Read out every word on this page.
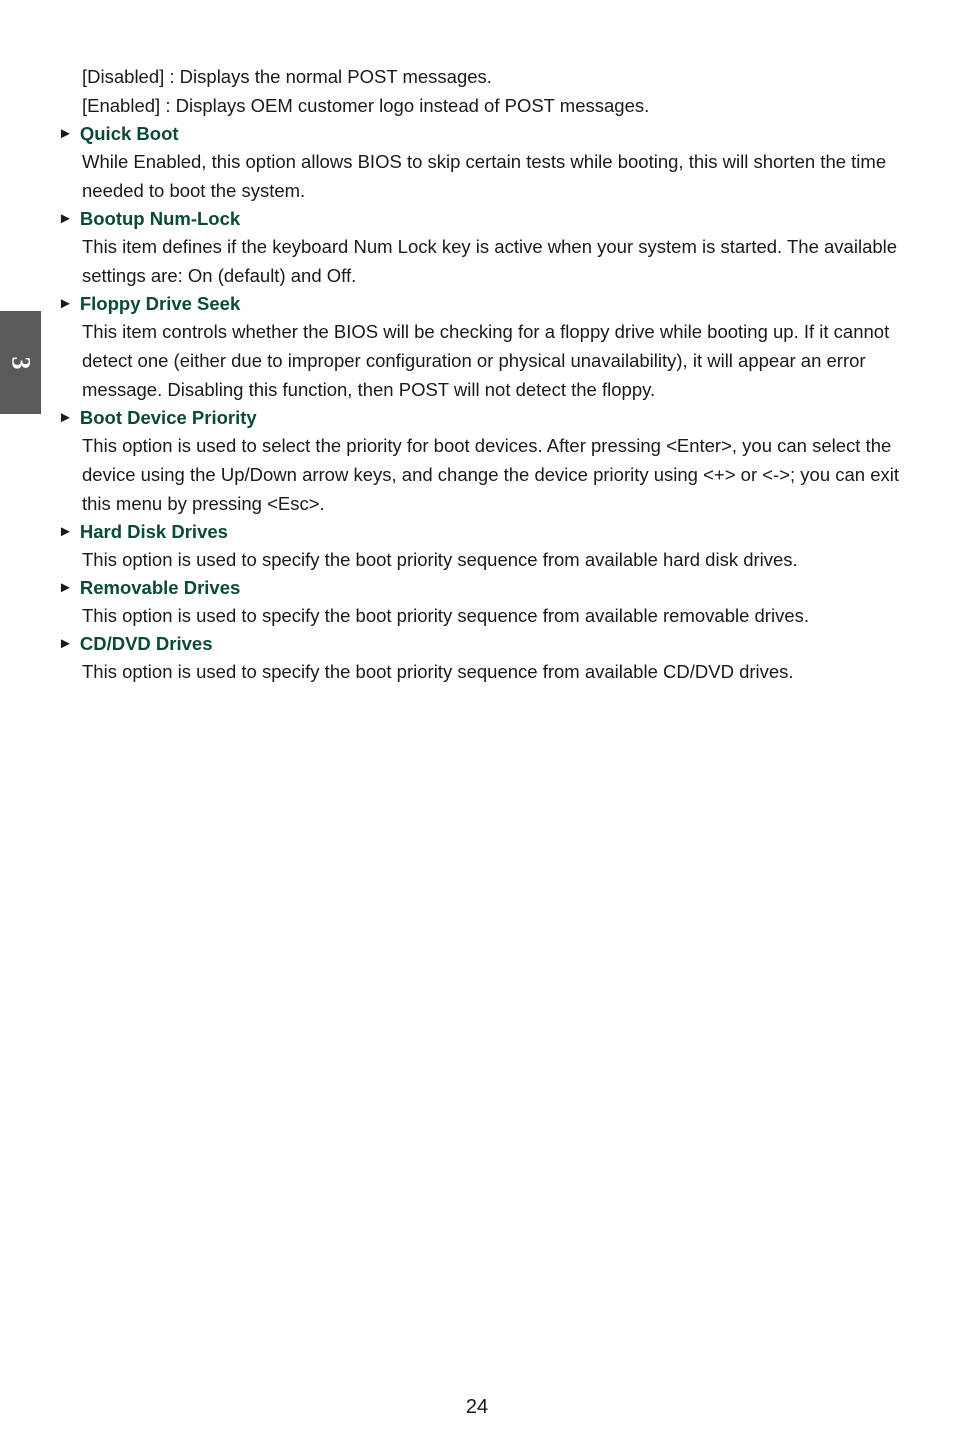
3

[Disabled] : Displays the normal POST messages.

[Enabled] : Displays OEM customer logo instead of POST messages.

► Quick Boot

While Enabled, this option allows BIOS to skip certain tests while booting, this will shorten the time needed to boot the system.

► Bootup Num-Lock

This item defines if the keyboard Num Lock key is active when your system is started. The available settings are: On (default) and Off.

► Floppy Drive Seek

This item controls whether the BIOS will be checking for a floppy drive while booting up. If it cannot detect one (either due to improper configuration or physical unavailability), it will appear an error message. Disabling this function, then POST will not detect the floppy.

► Boot Device Priority

This option is used to select the priority for boot devices. After pressing <Enter>, you can select the device using the Up/Down arrow keys, and change the device priority using <+> or <->; you can exit this menu by pressing <Esc>.

► Hard Disk Drives

This option is used to specify the boot priority sequence from available hard disk drives.

► Removable Drives

This option is used to specify the boot priority sequence from available removable drives.

► CD/DVD Drives

This option is used to specify the boot priority sequence from available CD/DVD drives.

24
